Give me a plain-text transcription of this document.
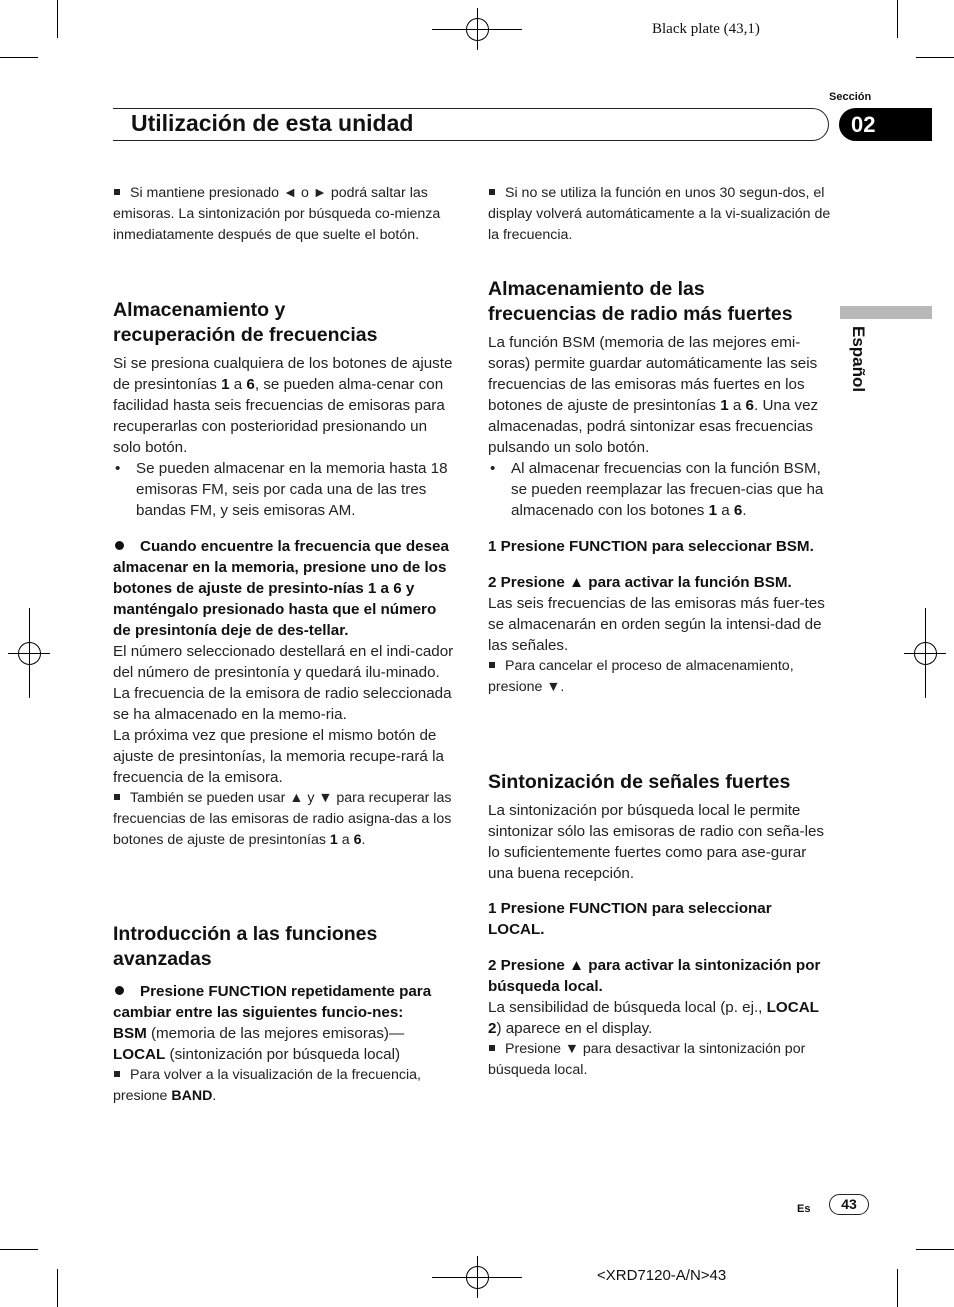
Black plate (43,1)
Sección
Utilización de esta unidad	02
Español

Si mantiene presionado ◄ o ► podrá saltar las emisoras. La sintonización por búsqueda co-mienza inmediatamente después de que suelte el botón.

Almacenamiento y
recuperación de frecuencias

Si se presiona cualquiera de los botones de ajuste de presintonías 1 a 6, se pueden alma-cenar con facilidad hasta seis frecuencias de emisoras para recuperarlas con posterioridad presionando un solo botón.

• Se pueden almacenar en la memoria hasta 18 emisoras FM, seis por cada una de las tres bandas FM, y seis emisoras AM.

Cuando encuentre la frecuencia que desea almacenar en la memoria, presione uno de los botones de ajuste de presinto-nías 1 a 6 y manténgalo presionado hasta que el número de presintonía deje de des-tellar.

El número seleccionado destellará en el indi-cador del número de presintonía y quedará ilu-minado. La frecuencia de la emisora de radio seleccionada se ha almacenado en la memo-ria.

La próxima vez que presione el mismo botón de ajuste de presintonías, la memoria recupe-rará la frecuencia de la emisora.

También se pueden usar ▲ y ▼ para recuperar las frecuencias de las emisoras de radio asigna-das a los botones de ajuste de presintonías 1 a 6.

Introducción a las funciones
avanzadas

Presione FUNCTION repetidamente para cambiar entre las siguientes funcio-nes:

BSM (memoria de las mejores emisoras)—

LOCAL (sintonización por búsqueda local)

Para volver a la visualización de la frecuencia, presione BAND.

Si no se utiliza la función en unos 30 segun-dos, el display volverá automáticamente a la vi-sualización de la frecuencia.

Almacenamiento de las
frecuencias de radio más fuertes

La función BSM (memoria de las mejores emi-soras) permite guardar automáticamente las seis frecuencias de las emisoras más fuertes en los botones de ajuste de presintonías 1 a 6. Una vez almacenadas, podrá sintonizar esas frecuencias pulsando un solo botón.

• Al almacenar frecuencias con la función BSM, se pueden reemplazar las frecuen-cias que ha almacenado con los botones 1 a 6.

1 Presione FUNCTION para seleccionar BSM.

2 Presione ▲ para activar la función BSM.

Las seis frecuencias de las emisoras más fuer-tes se almacenarán en orden según la intensi-dad de las señales.

Para cancelar el proceso de almacenamiento, presione ▼.

Sintonización de señales fuertes

La sintonización por búsqueda local le permite sintonizar sólo las emisoras de radio con seña-les lo suficientemente fuertes como para ase-gurar una buena recepción.

1 Presione FUNCTION para seleccionar LOCAL.

2 Presione ▲ para activar la sintonización por búsqueda local.

La sensibilidad de búsqueda local (p. ej., LOCAL 2) aparece en el display.

Presione ▼ para desactivar la sintonización por búsqueda local.

Es	43
<XRD7120-A/N>43
